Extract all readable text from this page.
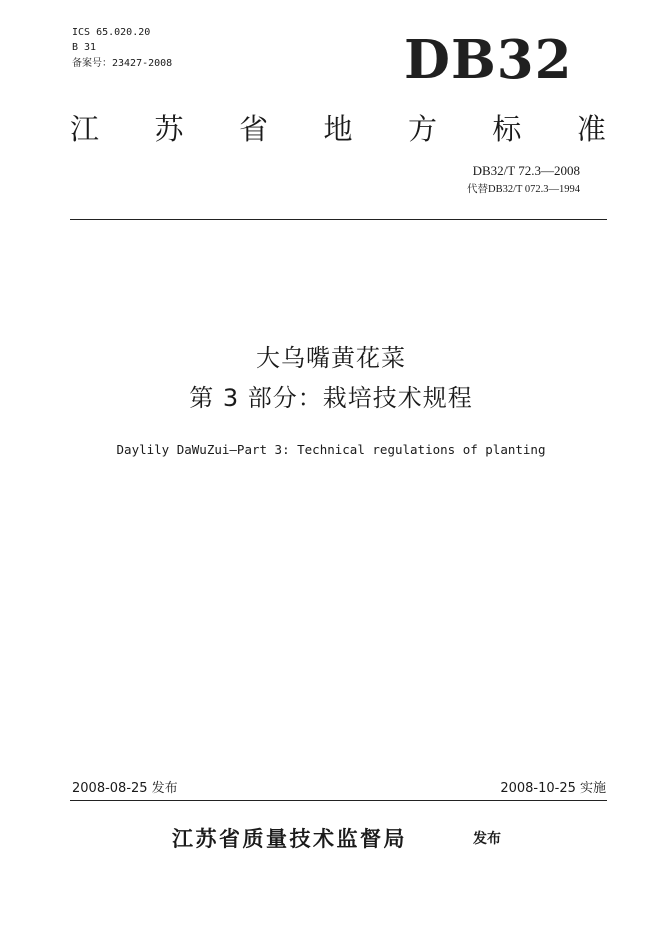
ICS 65.020.20
B 31
备案号：23427-2008	DB32
江 苏 省 地 方 标 准
DB32/T 72.3—2008
代替DB32/T 072.3—1994
大乌嘴黄花菜
第 3 部分：栽培技术规程
Daylily DaWuZui—Part 3: Technical regulations of planting
2008-08-25 发布	2008-10-25 实施
江苏省质量技术监督局	发布
